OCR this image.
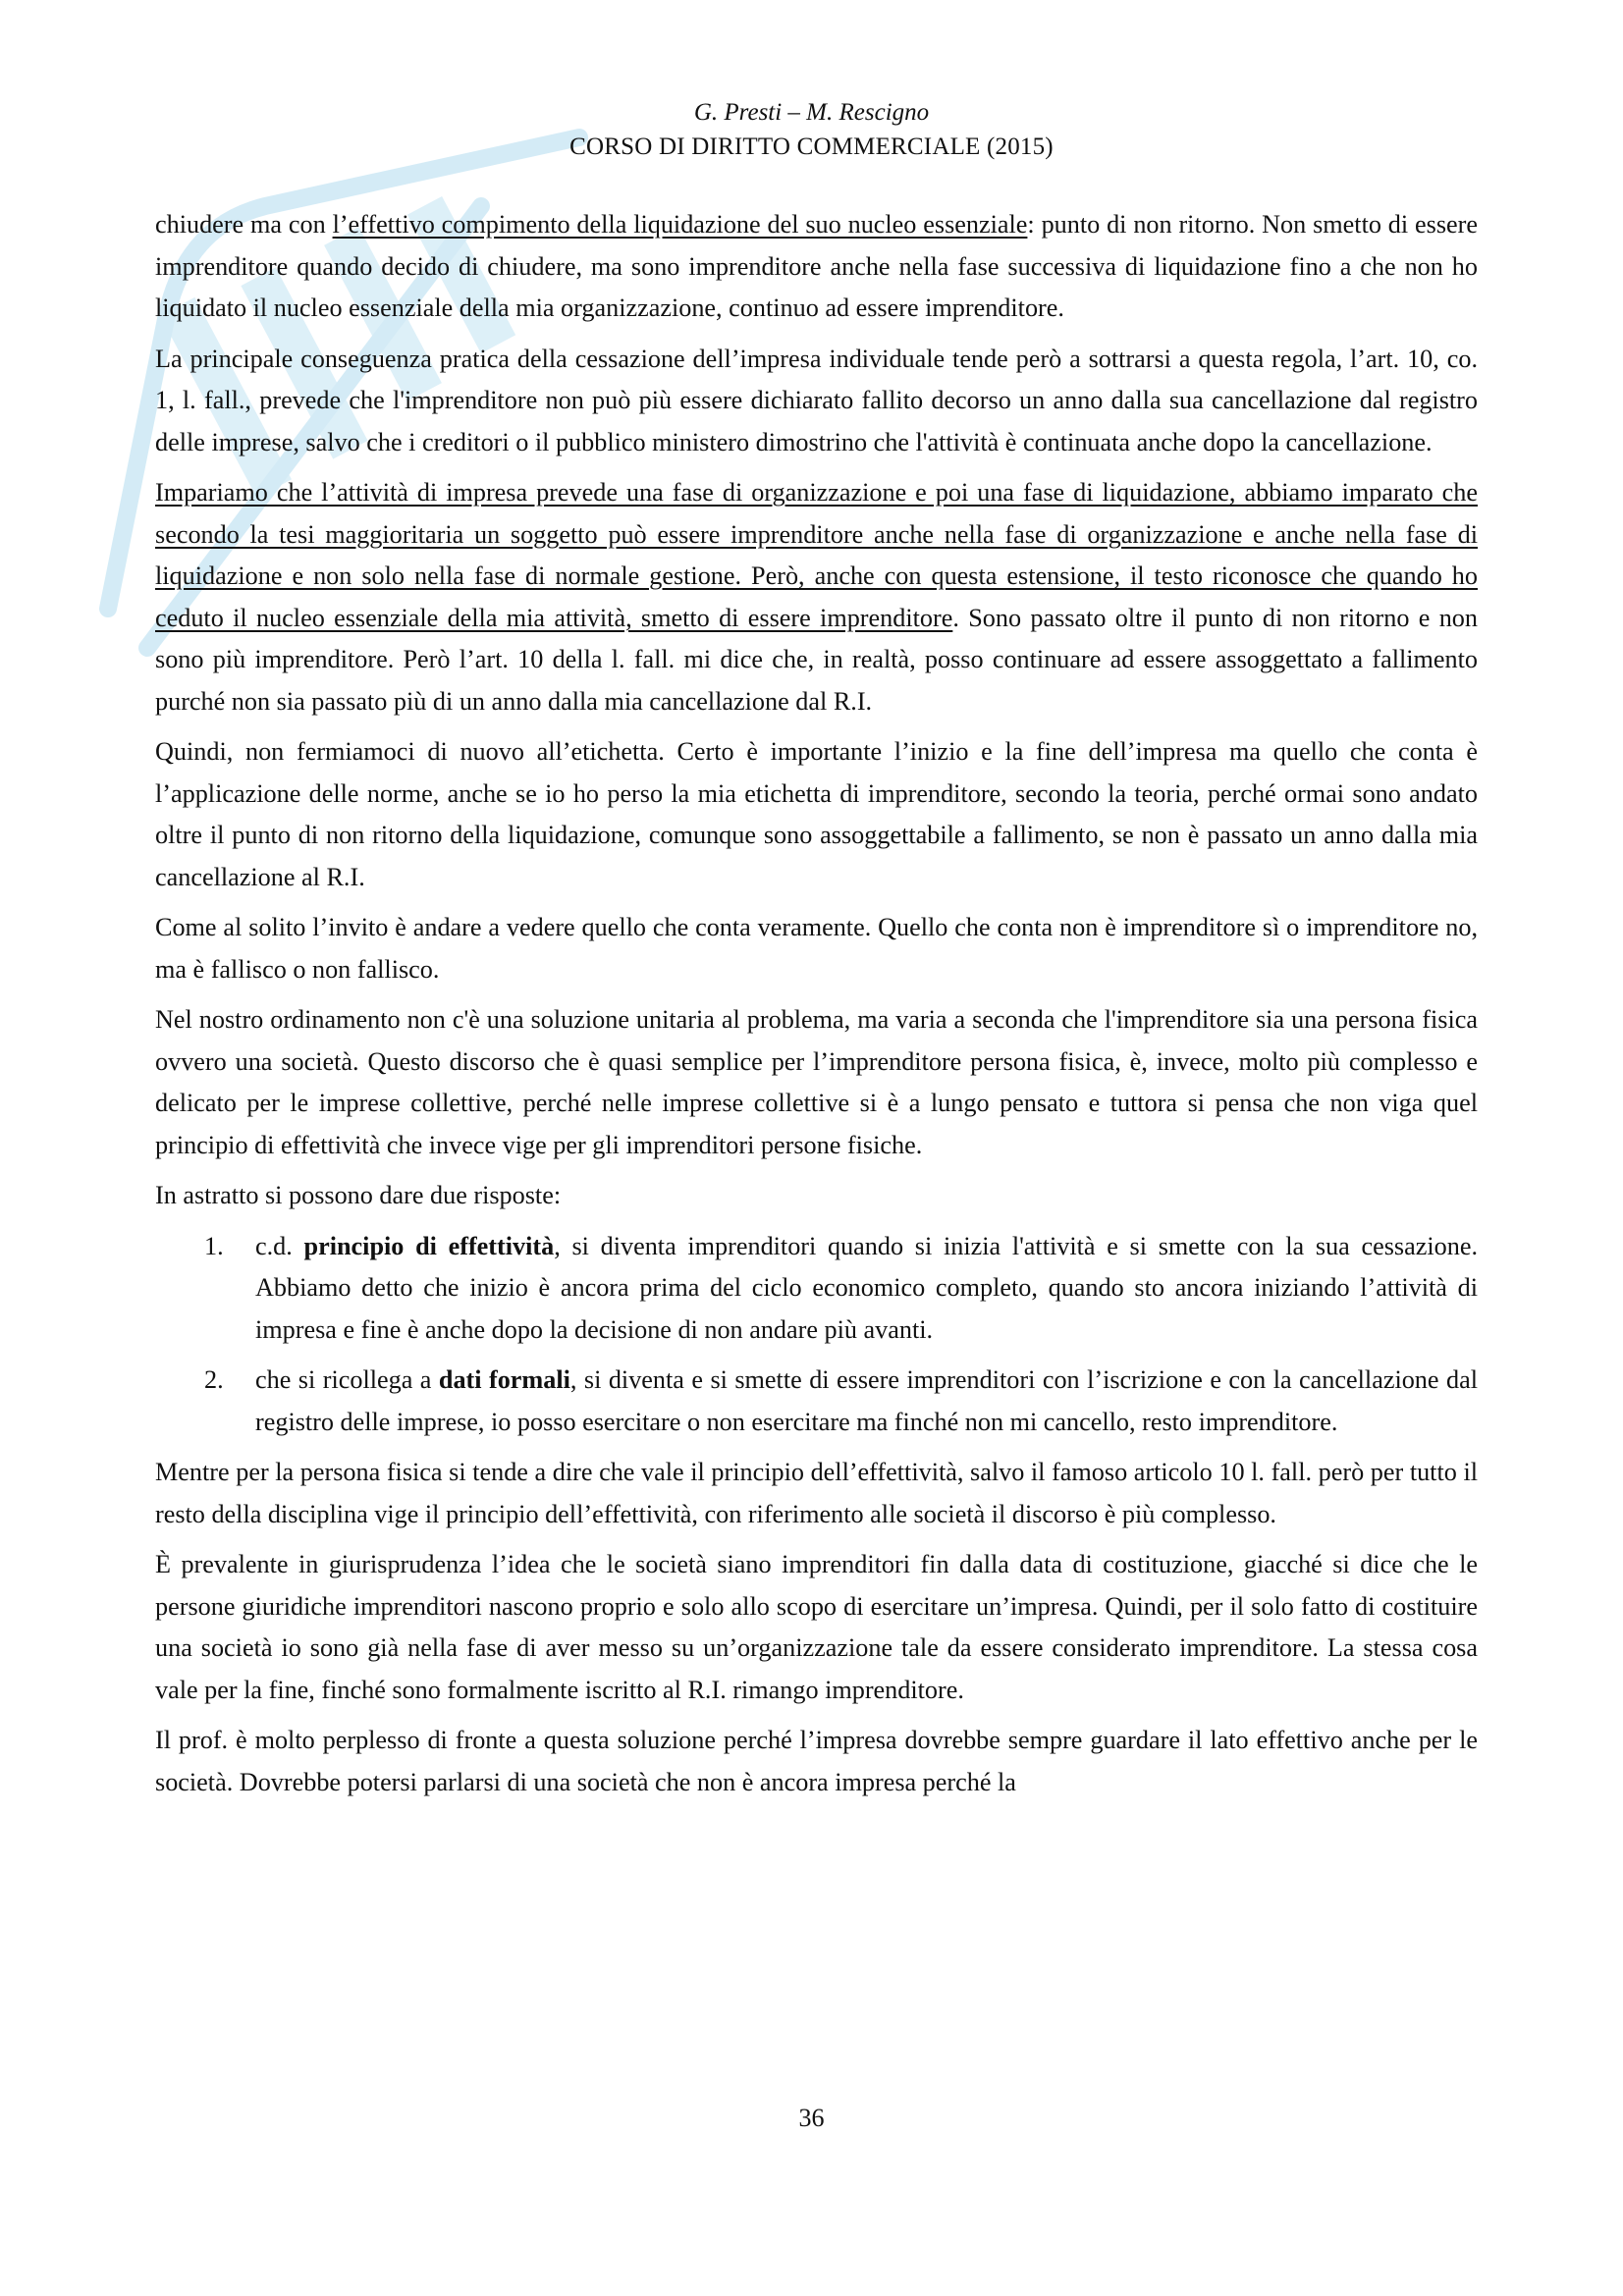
G. Presti – M. Rescigno
CORSO DI DIRITTO COMMERCIALE (2015)

chiudere ma con l’effettivo compimento della liquidazione del suo nucleo essenziale: punto di non ritorno. Non smetto di essere imprenditore quando decido di chiudere, ma sono imprenditore anche nella fase successiva di liquidazione fino a che non ho liquidato il nucleo essenziale della mia organizzazione, continuo ad essere imprenditore.

La principale conseguenza pratica della cessazione dell’impresa individuale tende però a sottrarsi a questa regola, l’art. 10, co. 1, l. fall., prevede che l'imprenditore non può più essere dichiarato fallito decorso un anno dalla sua cancellazione dal registro delle imprese, salvo che i creditori o il pubblico ministero dimostrino che l'attività è continuata anche dopo la cancellazione.

Impariamo che l’attività di impresa prevede una fase di organizzazione e poi una fase di liquidazione, abbiamo imparato che secondo la tesi maggioritaria un soggetto può essere imprenditore anche nella fase di organizzazione e anche nella fase di liquidazione e non solo nella fase di normale gestione. Però, anche con questa estensione, il testo riconosce che quando ho ceduto il nucleo essenziale della mia attività, smetto di essere imprenditore. Sono passato oltre il punto di non ritorno e non sono più imprenditore. Però l’art. 10 della l. fall. mi dice che, in realtà, posso continuare ad essere assoggettato a fallimento purché non sia passato più di un anno dalla mia cancellazione dal R.I.

Quindi, non fermiamoci di nuovo all’etichetta. Certo è importante l’inizio e la fine dell’impresa ma quello che conta è l’applicazione delle norme, anche se io ho perso la mia etichetta di imprenditore, secondo la teoria, perché ormai sono andato oltre il punto di non ritorno della liquidazione, comunque sono assoggettabile a fallimento, se non è passato un anno dalla mia cancellazione al R.I.

Come al solito l’invito è andare a vedere quello che conta veramente. Quello che conta non è imprenditore sì o imprenditore no, ma è fallisco o non fallisco.

Nel nostro ordinamento non c'è una soluzione unitaria al problema, ma varia a seconda che l'imprenditore sia una persona fisica ovvero una società. Questo discorso che è quasi semplice per l’imprenditore persona fisica, è, invece, molto più complesso e delicato per le imprese collettive, perché nelle imprese collettive si è a lungo pensato e tuttora si pensa che non viga quel principio di effettività che invece vige per gli imprenditori persone fisiche.

In astratto si possono dare due risposte:

1. c.d. principio di effettività, si diventa imprenditori quando si inizia l'attività e si smette con la sua cessazione. Abbiamo detto che inizio è ancora prima del ciclo economico completo, quando sto ancora iniziando l’attività di impresa e fine è anche dopo la decisione di non andare più avanti.
2. che si ricollega a dati formali, si diventa e si smette di essere imprenditori con l’iscrizione e con la cancellazione dal registro delle imprese, io posso esercitare o non esercitare ma finché non mi cancello, resto imprenditore.

Mentre per la persona fisica si tende a dire che vale il principio dell’effettività, salvo il famoso articolo 10 l. fall. però per tutto il resto della disciplina vige il principio dell’effettività, con riferimento alle società il discorso è più complesso.

È prevalente in giurisprudenza l’idea che le società siano imprenditori fin dalla data di costituzione, giacché si dice che le persone giuridiche imprenditori nascono proprio e solo allo scopo di esercitare un’impresa. Quindi, per il solo fatto di costituire una società io sono già nella fase di aver messo su un’organizzazione tale da essere considerato imprenditore. La stessa cosa vale per la fine, finché sono formalmente iscritto al R.I. rimango imprenditore.

Il prof. è molto perplesso di fronte a questa soluzione perché l’impresa dovrebbe sempre guardare il lato effettivo anche per le società. Dovrebbe potersi parlarsi di una società che non è ancora impresa perché la

36
